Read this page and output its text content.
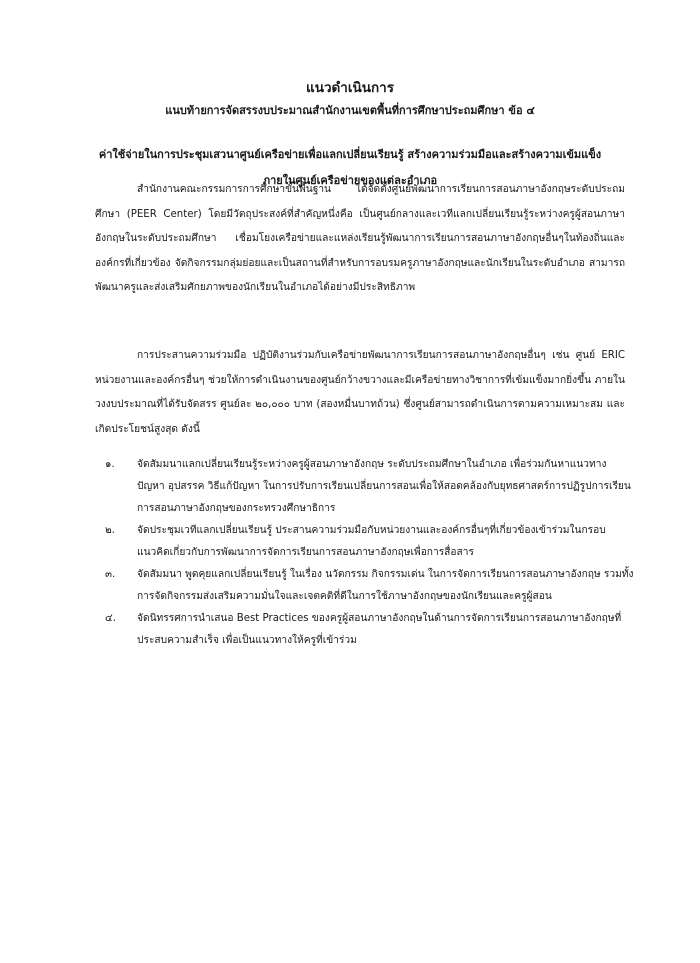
แนวดำเนินการ
แนบท้ายการจัดสรรงบประมาณสำนักงานเขตพื้นที่การศึกษาประถมศึกษา ข้อ ๔
ค่าใช้จ่ายในการประชุมเสวนาศูนย์เครือข่ายเพื่อแลกเปลี่ยนเรียนรู้ สร้างความร่วมมือและสร้างความเข้มแข็ง
ภายในศูนย์เครือข่ายของแต่ละอำเภอ
สำนักงานคณะกรรมการการศึกษาขั้นพื้นฐาน ได้จัดตั้งศูนย์พัฒนาการเรียนการสอนภาษาอังกฤษระดับประถมศึกษา (PEER Center) โดยมีวัตถุประสงค์ที่สำคัญหนึ่งคือ เป็นศูนย์กลางและเวทีแลกเปลี่ยนเรียนรู้ระหว่างครูผู้สอนภาษาอังกฤษในระดับประถมศึกษา เชื่อมโยงเครือข่ายและแหล่งเรียนรู้พัฒนาการเรียนการสอนภาษาอังกฤษอื่นๆในท้องถิ่นและองค์กรที่เกี่ยวข้อง จัดกิจกรรมกลุ่มย่อยและเป็นสถานที่สำหรับการอบรมครูภาษาอังกฤษและนักเรียนในระดับอำเภอ สามารถพัฒนาครูและส่งเสริมศักยภาพของนักเรียนในอำเภอได้อย่างมีประสิทธิภาพ
การประสานความร่วมมือ ปฏิบัติงานร่วมกับเครือข่ายพัฒนาการเรียนการสอนภาษาอังกฤษอื่นๆ เช่น ศูนย์ ERIC หน่วยงานและองค์กรอื่นๆ ช่วยให้การดำเนินงานของศูนย์กว้างขวางและมีเครือข่ายทางวิชาการที่เข้มแข็งมากยิ่งขึ้น ภายในวงงบประมาณที่ได้รับจัดสรร ศูนย์ละ ๒๐,๐๐๐ บาท (สองหมื่นบาทถ้วน) ซึ่งศูนย์สามารถดำเนินการตามความเหมาะสม และเกิดประโยชน์สูงสุด ดังนี้
๑. จัดสัมมนาแลกเปลี่ยนเรียนรู้ระหว่างครูผู้สอนภาษาอังกฤษ ระดับประถมศึกษาในอำเภอ เพื่อร่วมกันหาแนวทาง ปัญหา อุปสรรค วิธีแก้ปัญหา ในการปรับการเรียนเปลี่ยนการสอนเพื่อให้สอดคล้องกับยุทธศาสตร์การปฏิรูปการเรียนการสอนภาษาอังกฤษของกระทรวงศึกษาธิการ
๒. จัดประชุมเวทีแลกเปลี่ยนเรียนรู้ ประสานความร่วมมือกับหน่วยงานและองค์กรอื่นๆที่เกี่ยวข้องเข้าร่วมในกรอบแนวคิดเกี่ยวกับการพัฒนาการจัดการเรียนการสอนภาษาอังกฤษเพื่อการสื่อสาร
๓. จัดสัมมนา พูดคุยแลกเปลี่ยนเรียนรู้ ในเรื่อง นวัตกรรม กิจกรรมเด่น ในการจัดการเรียนการสอนภาษาอังกฤษ รวมทั้งการจัดกิจกรรมส่งเสริมความมั่นใจและเจตคติที่ดีในการใช้ภาษาอังกฤษของนักเรียนและครูผู้สอน
๔. จัดนิทรรศการนำเสนอ Best Practices ของครูผู้สอนภาษาอังกฤษในด้านการจัดการเรียนการสอนภาษาอังกฤษที่ประสบความสำเร็จ เพื่อเป็นแนวทางให้ครูที่เข้าร่วม
